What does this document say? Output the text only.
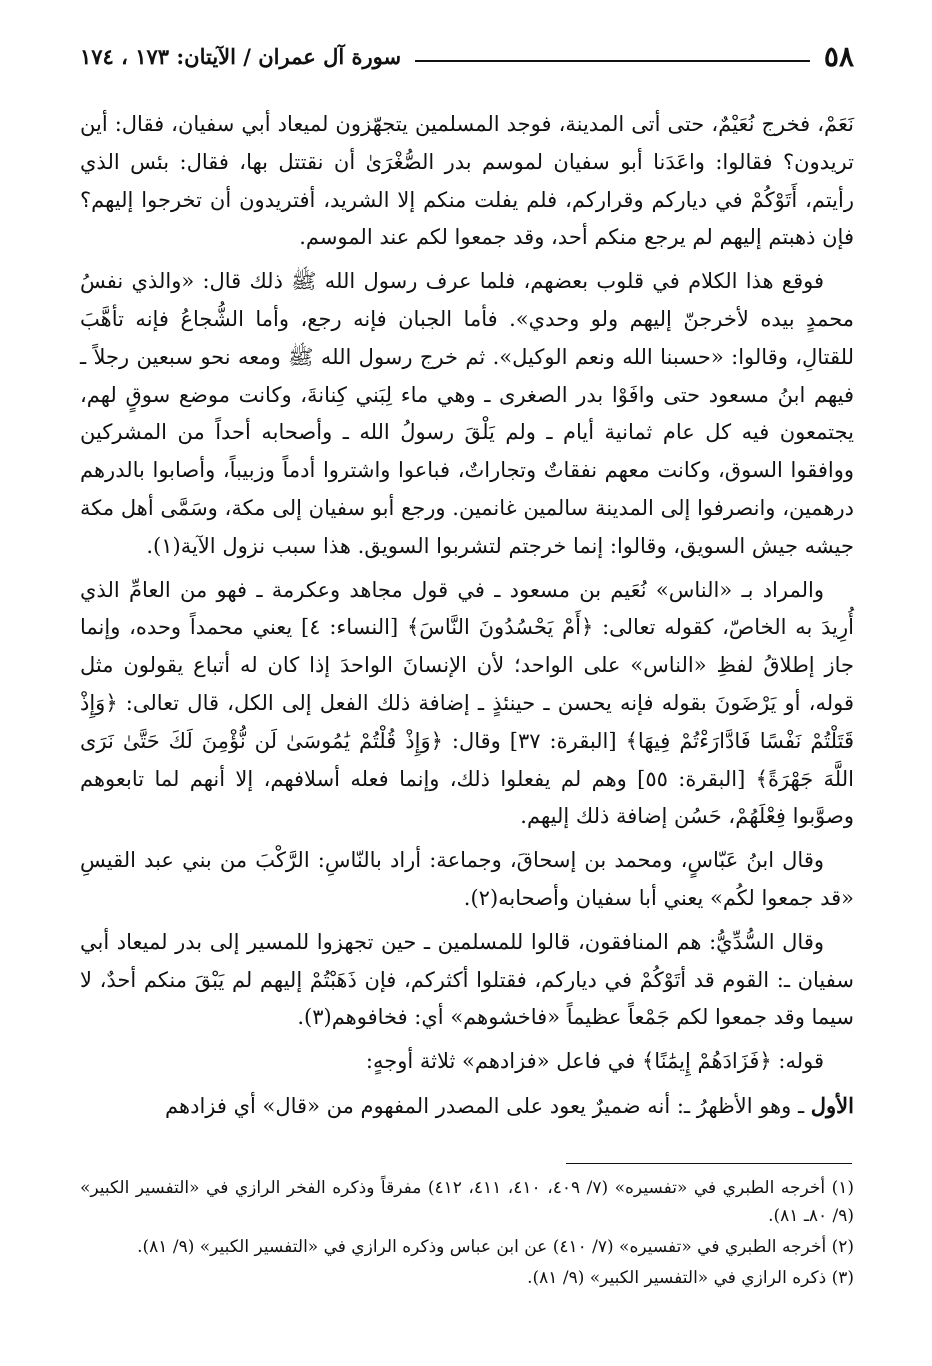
٥٨
سورة آل عمران / الآيتان: ١٧٣ ، ١٧٤

نَعَمْ، فخرج نُعَيْمٌ، حتى أتى المدينة، فوجد المسلمين يتجهّزون لميعاد أبي سفيان، فقال: أين تريدون؟ فقالوا: واعَدَنا أبو سفيان لموسم بدر الصُّغْرَىٰ أن نقتتل بها، فقال: بئس الذي رأيتم، أَتَوْكُمْ في دياركم وقراركم، فلم يفلت منكم إلا الشريد، أفتريدون أن تخرجوا إليهم؟ فإن ذهبتم إليهم لم يرجع منكم أحد، وقد جمعوا لكم عند الموسم.

فوقع هذا الكلام في قلوب بعضهم، فلما عرف رسول الله ﷺ ذلك قال: «والذي نفسُ محمدٍ بيده لأخرجنّ إليهم ولو وحدي». فأما الجبان فإنه رجع، وأما الشُّجاعُ فإنه تأهَّبَ للقتالِ، وقالوا: «حسبنا الله ونعم الوكيل». ثم خرج رسول الله ﷺ ومعه نحو سبعين رجلاً ـ فيهم ابنُ مسعود حتى وافَوْا بدر الصغرى ـ وهي ماء لِبَني كِنانةَ، وكانت موضع سوقٍ لهم، يجتمعون فيه كل عام ثمانية أيام ـ ولم يَلْقَ رسولُ الله ـ وأصحابه أحداً من المشركين ووافقوا السوق، وكانت معهم نفقاتٌ وتجاراتٌ، فباعوا واشتروا أدماً وزبيباً، وأصابوا بالدرهم درهمين، وانصرفوا إلى المدينة سالمين غانمين. ورجع أبو سفيان إلى مكة، وسَمَّى أهل مكة جيشه جيش السويق، وقالوا: إنما خرجتم لتشربوا السويق. هذا سبب نزول الآية(١).

والمراد بـ «الناس» نُعَيم بن مسعود ـ في قول مجاهد وعكرمة ـ فهو من العامِّ الذي أُرِيدَ به الخاصّ، كقوله تعالى: ﴿أَمْ يَحْسُدُونَ النَّاسَ﴾ [النساء: ٤] يعني محمداً وحده، وإنما جاز إطلاقُ لفظِ «الناس» على الواحد؛ لأن الإنسانَ الواحدَ إذا كان له أتباع يقولون مثل قوله، أو يَرْضَونَ بقوله فإنه يحسن ـ حينئذٍ ـ إضافة ذلك الفعل إلى الكل، قال تعالى: ﴿وَإِذْ قَتَلْتُمْ نَفْسًا فَادَّارَءْتُمْ فِيهَا﴾ [البقرة: ٣٧] وقال: ﴿وَإِذْ قُلْتُمْ يَٰمُوسَىٰ لَن نُّؤْمِنَ لَكَ حَتَّىٰ نَرَى اللَّهَ جَهْرَةً﴾ [البقرة: ٥٥] وهم لم يفعلوا ذلك، وإنما فعله أسلافهم، إلا أنهم لما تابعوهم وصوَّبوا فِعْلَهُمْ، حَسُن إضافة ذلك إليهم.

وقال ابنُ عَبّاسٍ، ومحمد بن إسحاقَ، وجماعة: أراد بالنّاسِ: الرَّكْبَ من بني عبد القيسِ «قد جمعوا لكُم» يعني أبا سفيان وأصحابه(٢).

وقال السُّدِّيُّ: هم المنافقون، قالوا للمسلمين ـ حين تجهزوا للمسير إلى بدر لميعاد أبي سفيان ـ: القوم قد أتَوْكُمْ في دياركم، فقتلوا أكثركم، فإن ذَهَبْتُمْ إليهم لم يَبْقَ منكم أحدٌ، لا سيما وقد جمعوا لكم جَمْعاً عظيماً «فاخشوهم» أي: فخافوهم(٣).

قوله: ﴿فَزَادَهُمْ إِيمَٰنًا﴾ في فاعل «فزادهم» ثلاثة أوجهٍ:

الأول ـ وهو الأظهرُ ـ: أنه ضميرٌ يعود على المصدر المفهوم من «قال» أي فزادهم

(١) أخرجه الطبري في «تفسيره» (٧/ ٤٠٩، ٤١٠، ٤١١، ٤١٢) مفرقاً وذكره الفخر الرازي في «التفسير الكبير» (٩/ ٨٠ـ ٨١).

(٢) أخرجه الطبري في «تفسيره» (٧/ ٤١٠) عن ابن عباس وذكره الرازي في «التفسير الكبير» (٩/ ٨١).

(٣) ذكره الرازي في «التفسير الكبير» (٩/ ٨١).
